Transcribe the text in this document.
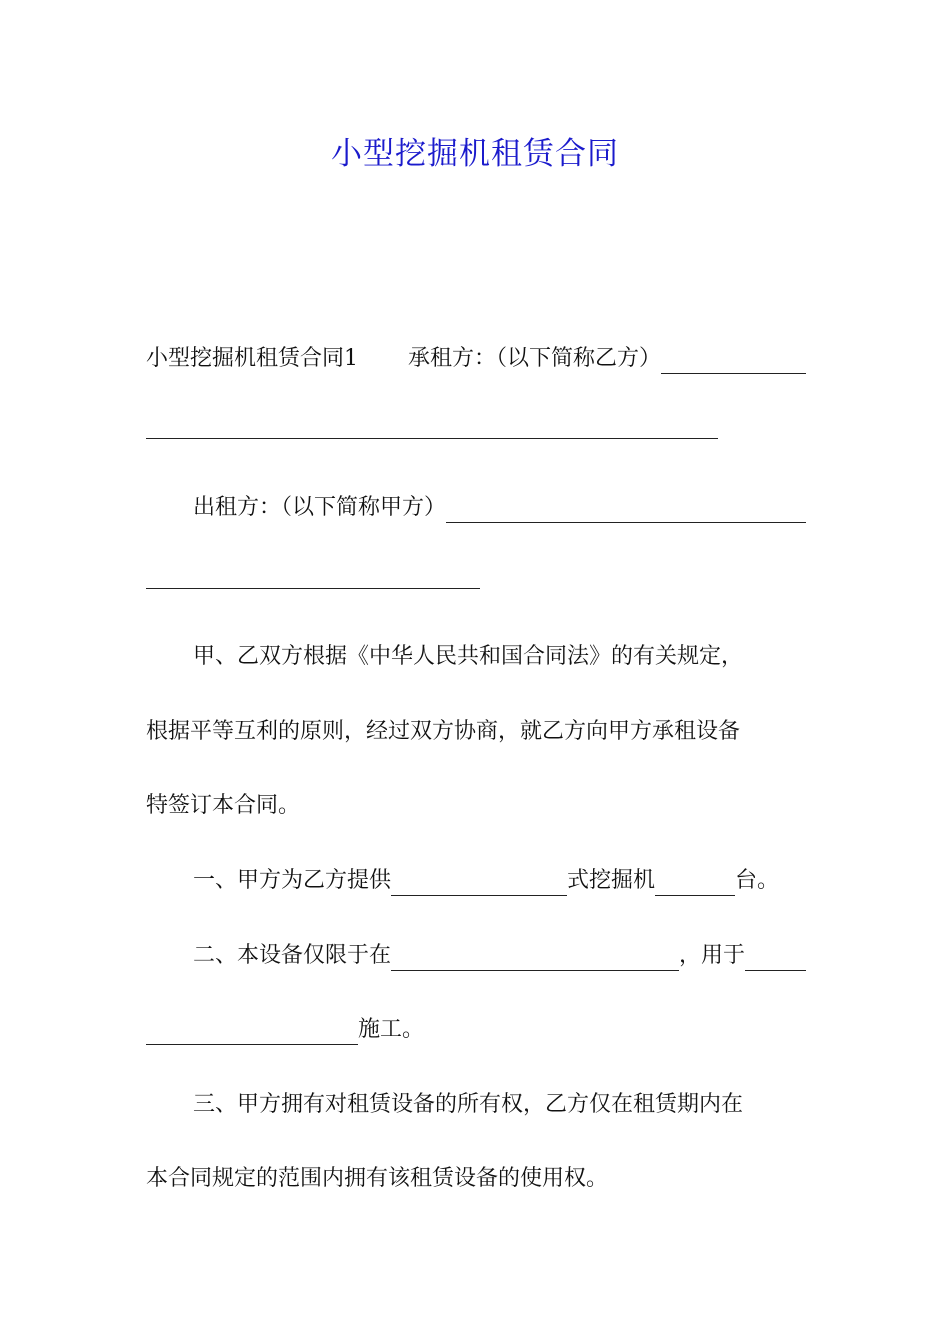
小型挖掘机租赁合同
小型挖掘机租赁合同1 承租方：（以下简称乙方）
出租方：（以下简称甲方）

甲、乙双方根据《中华人民共和国合同法》的有关规定，

根据平等互利的原则，经过双方协商，就乙方向甲方承租设备

特签订本合同。

一、甲方为乙方提供	式挖掘机	台。
二、本设备仅限于在	，用于
施工。

三、甲方拥有对租赁设备的所有权，乙方仅在租赁期内在

本合同规定的范围内拥有该租赁设备的使用权。
